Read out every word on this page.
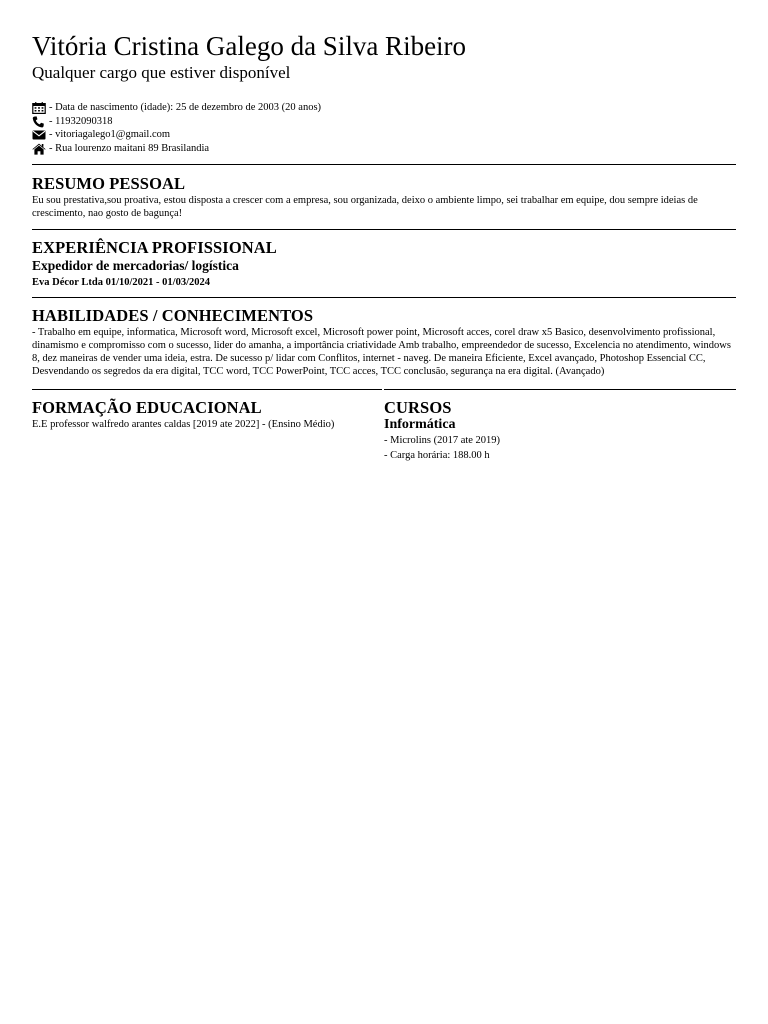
Vitória Cristina Galego da Silva Ribeiro
Qualquer cargo que estiver disponível
- Data de nascimento (idade): 25 de dezembro de 2003 (20 anos)
- 11932090318
- vitoriagalego1@gmail.com
- Rua lourenzo maitani 89 Brasilandia
RESUMO PESSOAL
Eu sou prestativa,sou proativa, estou disposta a crescer com a empresa, sou organizada, deixo o ambiente limpo, sei trabalhar em equipe, dou sempre ideias de crescimento, nao gosto de bagunça!
EXPERIÊNCIA PROFISSIONAL
Expedidor de mercadorias/ logística
Eva Décor Ltda 01/10/2021 - 01/03/2024
HABILIDADES / CONHECIMENTOS
- Trabalho em equipe, informatica, Microsoft word, Microsoft excel, Microsoft power point, Microsoft acces, corel draw x5 Basico, desenvolvimento profissional, dinamismo e compromisso com o sucesso, lider do amanha, a importância criatividade Amb trabalho, empreendedor de sucesso, Excelencia no atendimento, windows 8, dez maneiras de vender uma ideia, estra. De sucesso p/ lidar com Conflitos, internet - naveg. De maneira Eficiente, Excel avançado, Photoshop Essencial CC, Desvendando os segredos da era digital, TCC word, TCC PowerPoint, TCC acces, TCC conclusão, segurança na era digital. (Avançado)
FORMAÇÃO EDUCACIONAL
E.E professor walfredo arantes caldas [2019 ate 2022] - (Ensino Médio)
CURSOS
Informática
- Microlins (2017 ate 2019)
- Carga horária: 188.00 h
